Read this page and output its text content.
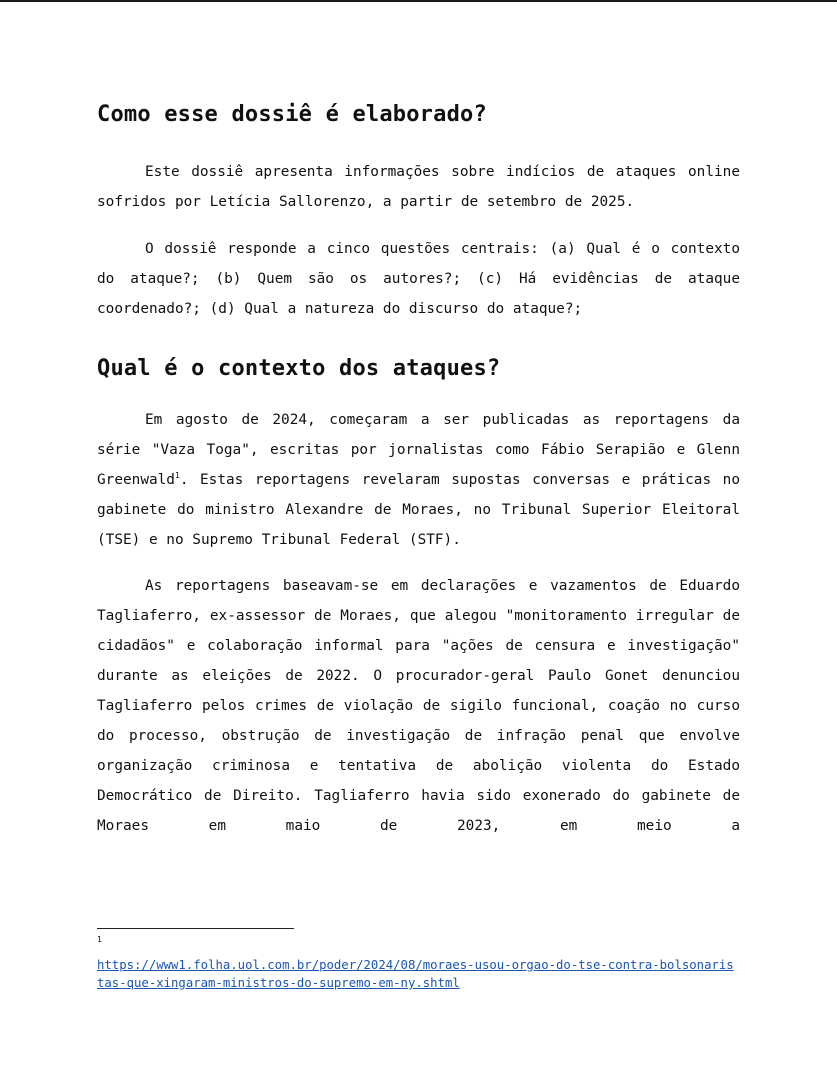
Como esse dossiê é elaborado?

Este dossiê apresenta informações sobre indícios de ataques online sofridos por Letícia Sallorenzo, a partir de setembro de 2025.

O dossiê responde a cinco questões centrais: (a) Qual é o contexto do ataque?; (b) Quem são os autores?; (c) Há evidências de ataque coordenado?; (d) Qual a natureza do discurso do ataque?;

Qual é o contexto dos ataques?

Em agosto de 2024, começaram a ser publicadas as reportagens da série "Vaza Toga", escritas por jornalistas como Fábio Serapião e Glenn Greenwald$^1$. Estas reportagens revelaram supostas conversas e práticas no gabinete do ministro Alexandre de Moraes, no Tribunal Superior Eleitoral (TSE) e no Supremo Tribunal Federal (STF).

As reportagens baseavam-se em declarações e vazamentos de Eduardo Tagliaferro, ex-assessor de Moraes, que alegou "monitoramento irregular de cidadãos" e colaboração informal para "ações de censura e investigação" durante as eleições de 2022. O procurador-geral Paulo Gonet denunciou Tagliaferro pelos crimes de violação de sigilo funcional, coação no curso do processo, obstrução de investigação de infração penal que envolve organização criminosa e tentativa de abolição violenta do Estado Democrático de Direito. Tagliaferro havia sido exonerado do gabinete de Moraes em maio de 2023, em meio a

1
https://www1.folha.uol.com.br/poder/2024/08/moraes-usou-orgao-do-tse-contra-bolsonaristas-que-xingaram-ministros-do-supremo-em-ny.shtml
